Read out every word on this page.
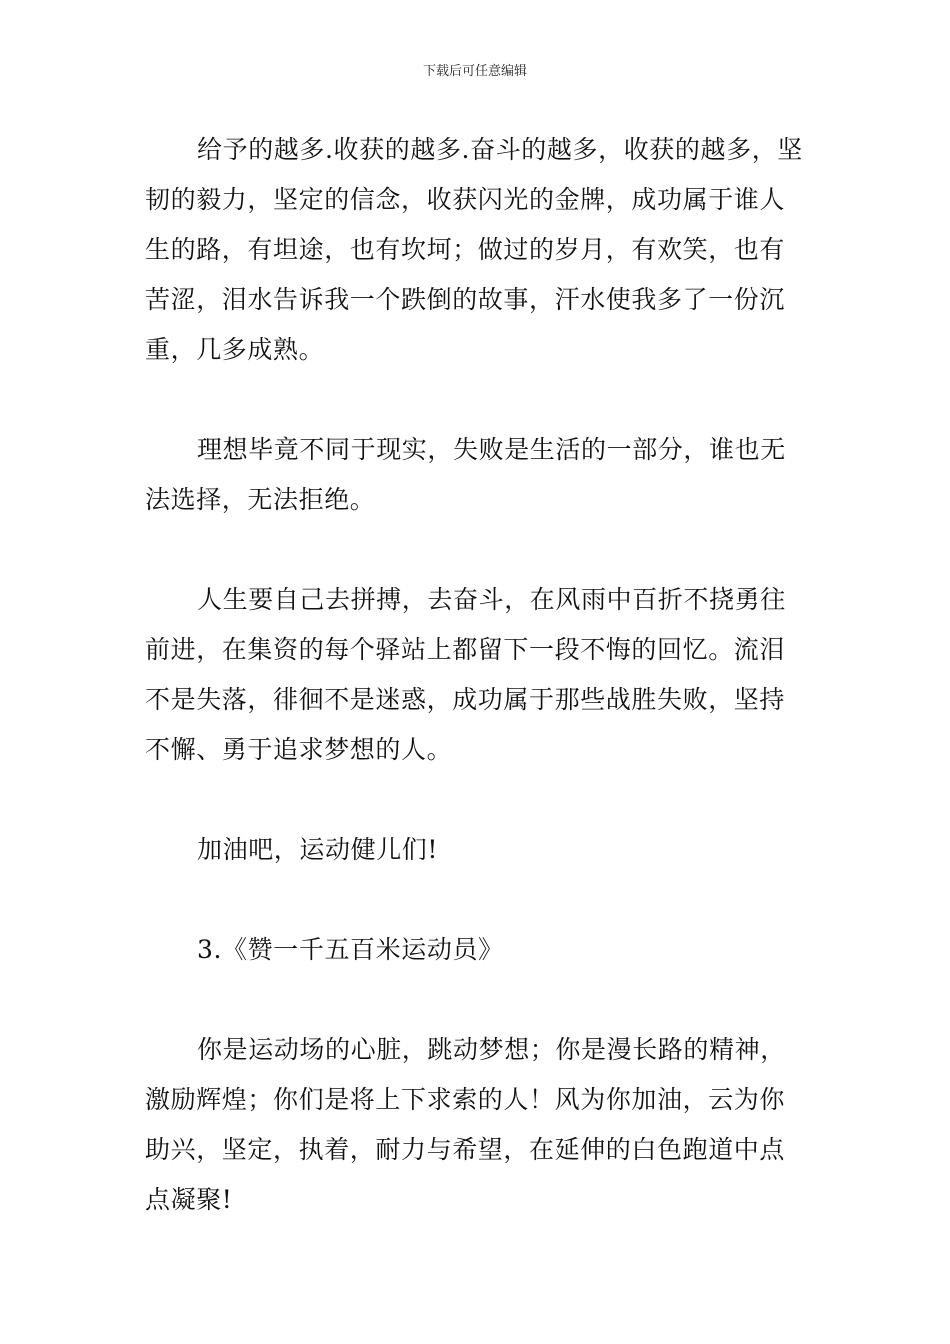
下载后可任意编辑

给予的越多.收获的越多.奋斗的越多，收获的越多，坚韧的毅力，坚定的信念，收获闪光的金牌，成功属于谁人生的路，有坦途，也有坎坷；做过的岁月，有欢笑，也有苦涩，泪水告诉我一个跌倒的故事，汗水使我多了一份沉重，几多成熟。

理想毕竟不同于现实，失败是生活的一部分，谁也无法选择，无法拒绝。

人生要自己去拼搏，去奋斗，在风雨中百折不挠勇往前进，在集资的每个驿站上都留下一段不悔的回忆。流泪不是失落，徘徊不是迷惑，成功属于那些战胜失败，坚持不懈、勇于追求梦想的人。

加油吧，运动健儿们!

3.《赞一千五百米运动员》

你是运动场的心脏，跳动梦想；你是漫长路的精神，激励辉煌；你们是将上下求索的人！风为你加油，云为你助兴，坚定，执着，耐力与希望，在延伸的白色跑道中点点凝聚!
